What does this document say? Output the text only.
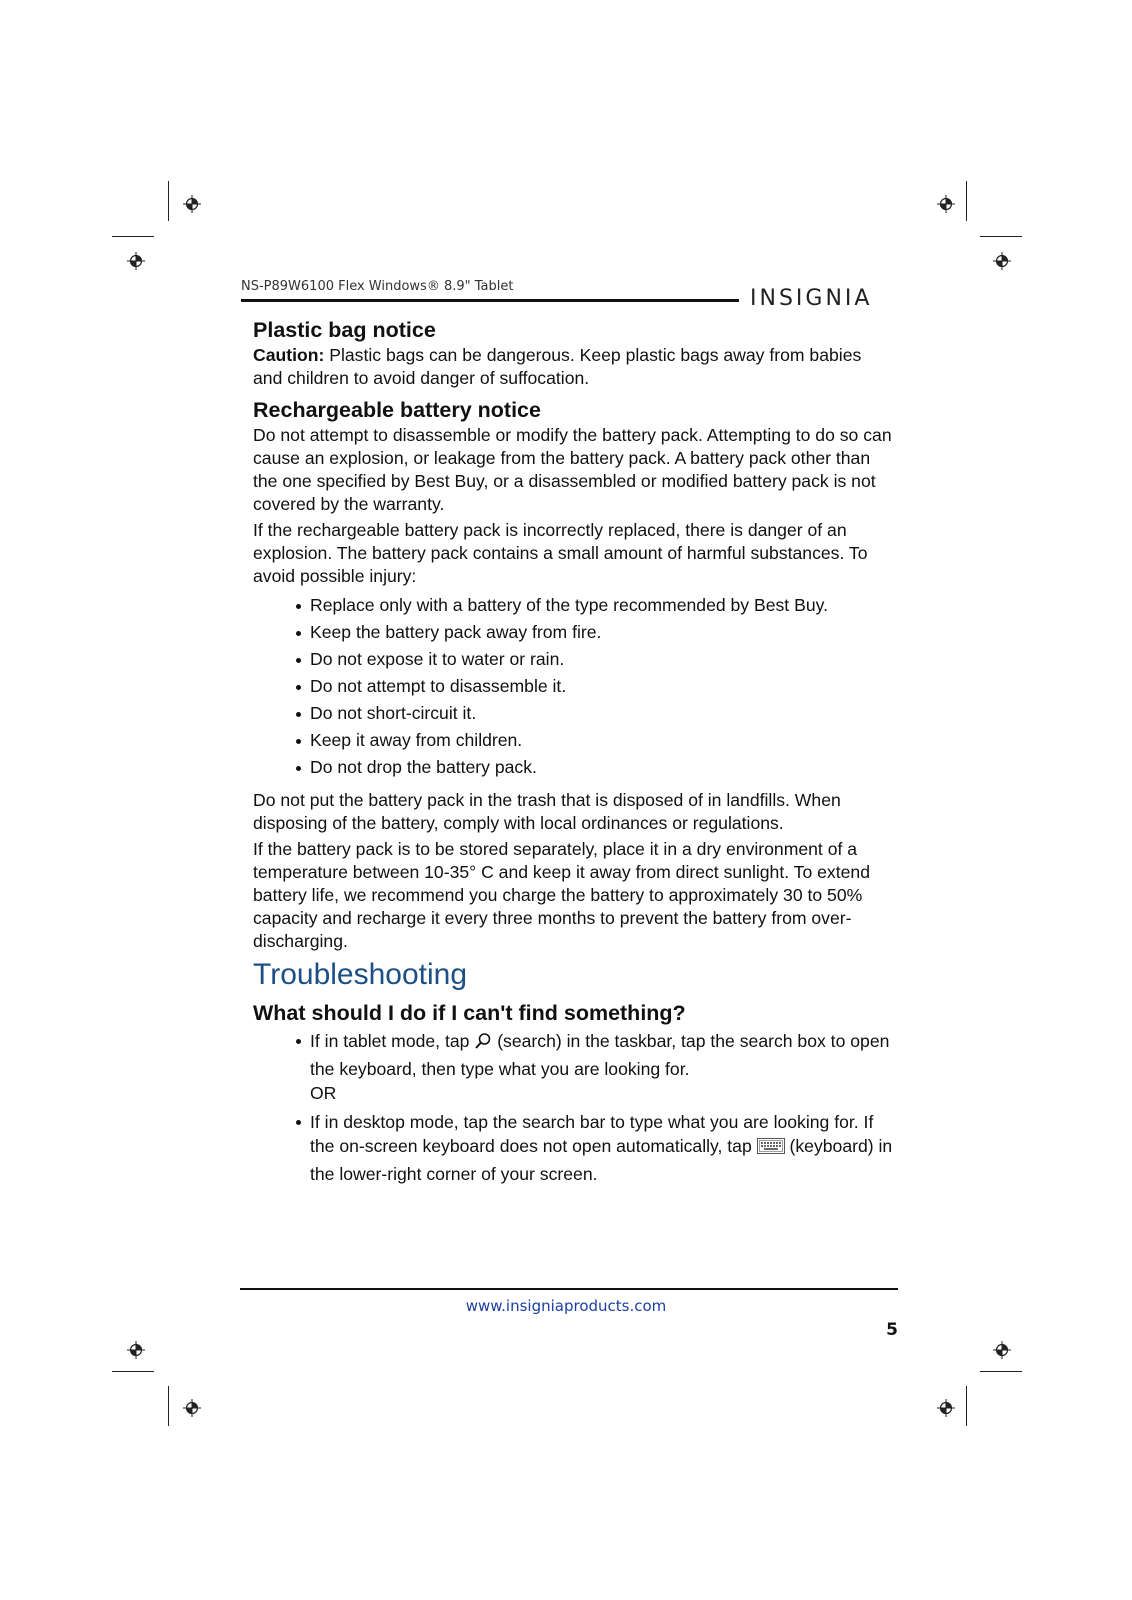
NS-P89W6100 Flex Windows® 8.9" Tablet	INSIGNIA
Plastic bag notice

Caution: Plastic bags can be dangerous. Keep plastic bags away from babies and children to avoid danger of suffocation.

Rechargeable battery notice

Do not attempt to disassemble or modify the battery pack. Attempting to do so can cause an explosion, or leakage from the battery pack. A battery pack other than the one specified by Best Buy, or a disassembled or modified battery pack is not covered by the warranty.

If the rechargeable battery pack is incorrectly replaced, there is danger of an explosion. The battery pack contains a small amount of harmful substances. To avoid possible injury:

Replace only with a battery of the type recommended by Best Buy.
Keep the battery pack away from fire.
Do not expose it to water or rain.
Do not attempt to disassemble it.
Do not short-circuit it.
Keep it away from children.
Do not drop the battery pack.

Do not put the battery pack in the trash that is disposed of in landfills. When disposing of the battery, comply with local ordinances or regulations.

If the battery pack is to be stored separately, place it in a dry environment of a temperature between 10-35° C and keep it away from direct sunlight. To extend battery life, we recommend you charge the battery to approximately 30 to 50% capacity and recharge it every three months to prevent the battery from over-discharging.

Troubleshooting
What should I do if I can't find something?
If in tablet mode, tap  (search) in the taskbar, tap the search box to open the keyboard, then type what you are looking for.
OR
If in desktop mode, tap the search bar to type what you are looking for. If the on-screen keyboard does not open automatically, tap  (keyboard) in the lower-right corner of your screen.
www.insigniaproducts.com
5
